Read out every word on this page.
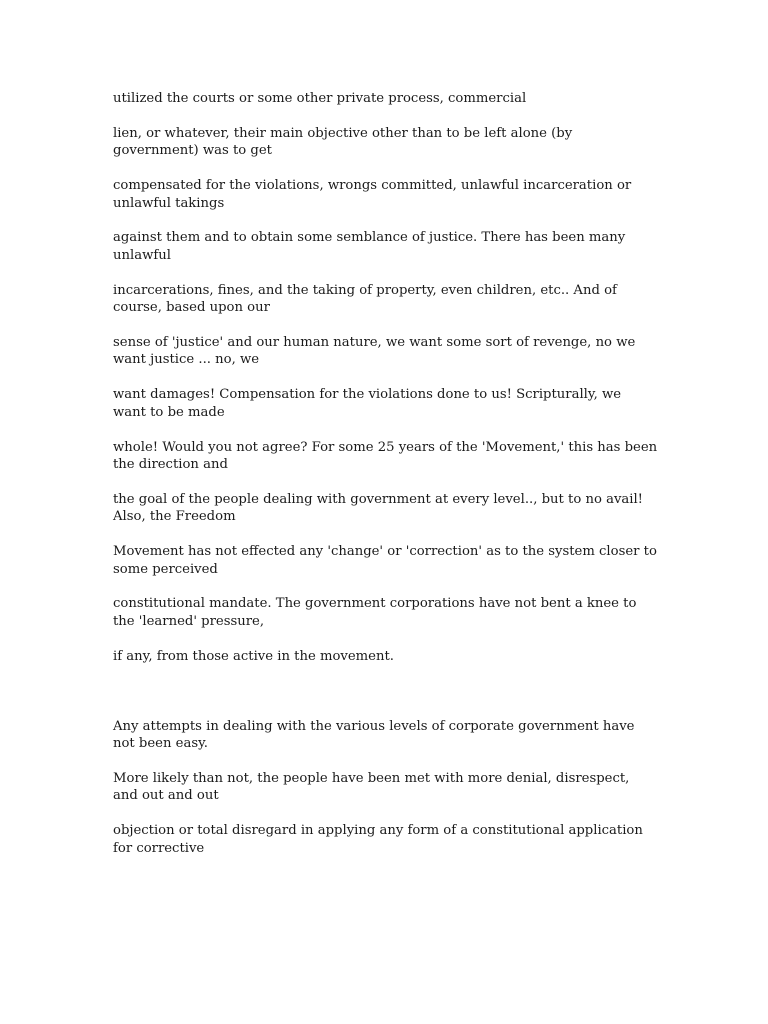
utilized the courts or some other private process, commercial

lien, or whatever, their main objective other than to be left alone (by government) was to get

compensated for the violations, wrongs committed, unlawful incarceration or unlawful takings

against them and to obtain some semblance of justice. There has been many unlawful

incarcerations, fines, and the taking of property, even children, etc.. And of course, based upon our

sense of 'justice' and our human nature, we want some sort of revenge, no we want justice ... no, we

want damages! Compensation for the violations done to us! Scripturally, we want to be made

whole! Would you not agree? For some 25 years of the 'Movement,' this has been the direction and

the goal of the people dealing with government at every level.., but to no avail! Also, the Freedom

Movement has not effected any 'change' or 'correction' as to the system closer to some perceived

constitutional mandate. The government corporations have not bent a knee to the 'learned' pressure,

if any, from those active in the movement.

Any attempts in dealing with the various levels of corporate government have not been easy.

More likely than not, the people have been met with more denial, disrespect, and out and out

objection or total disregard in applying any form of a constitutional application for corrective
